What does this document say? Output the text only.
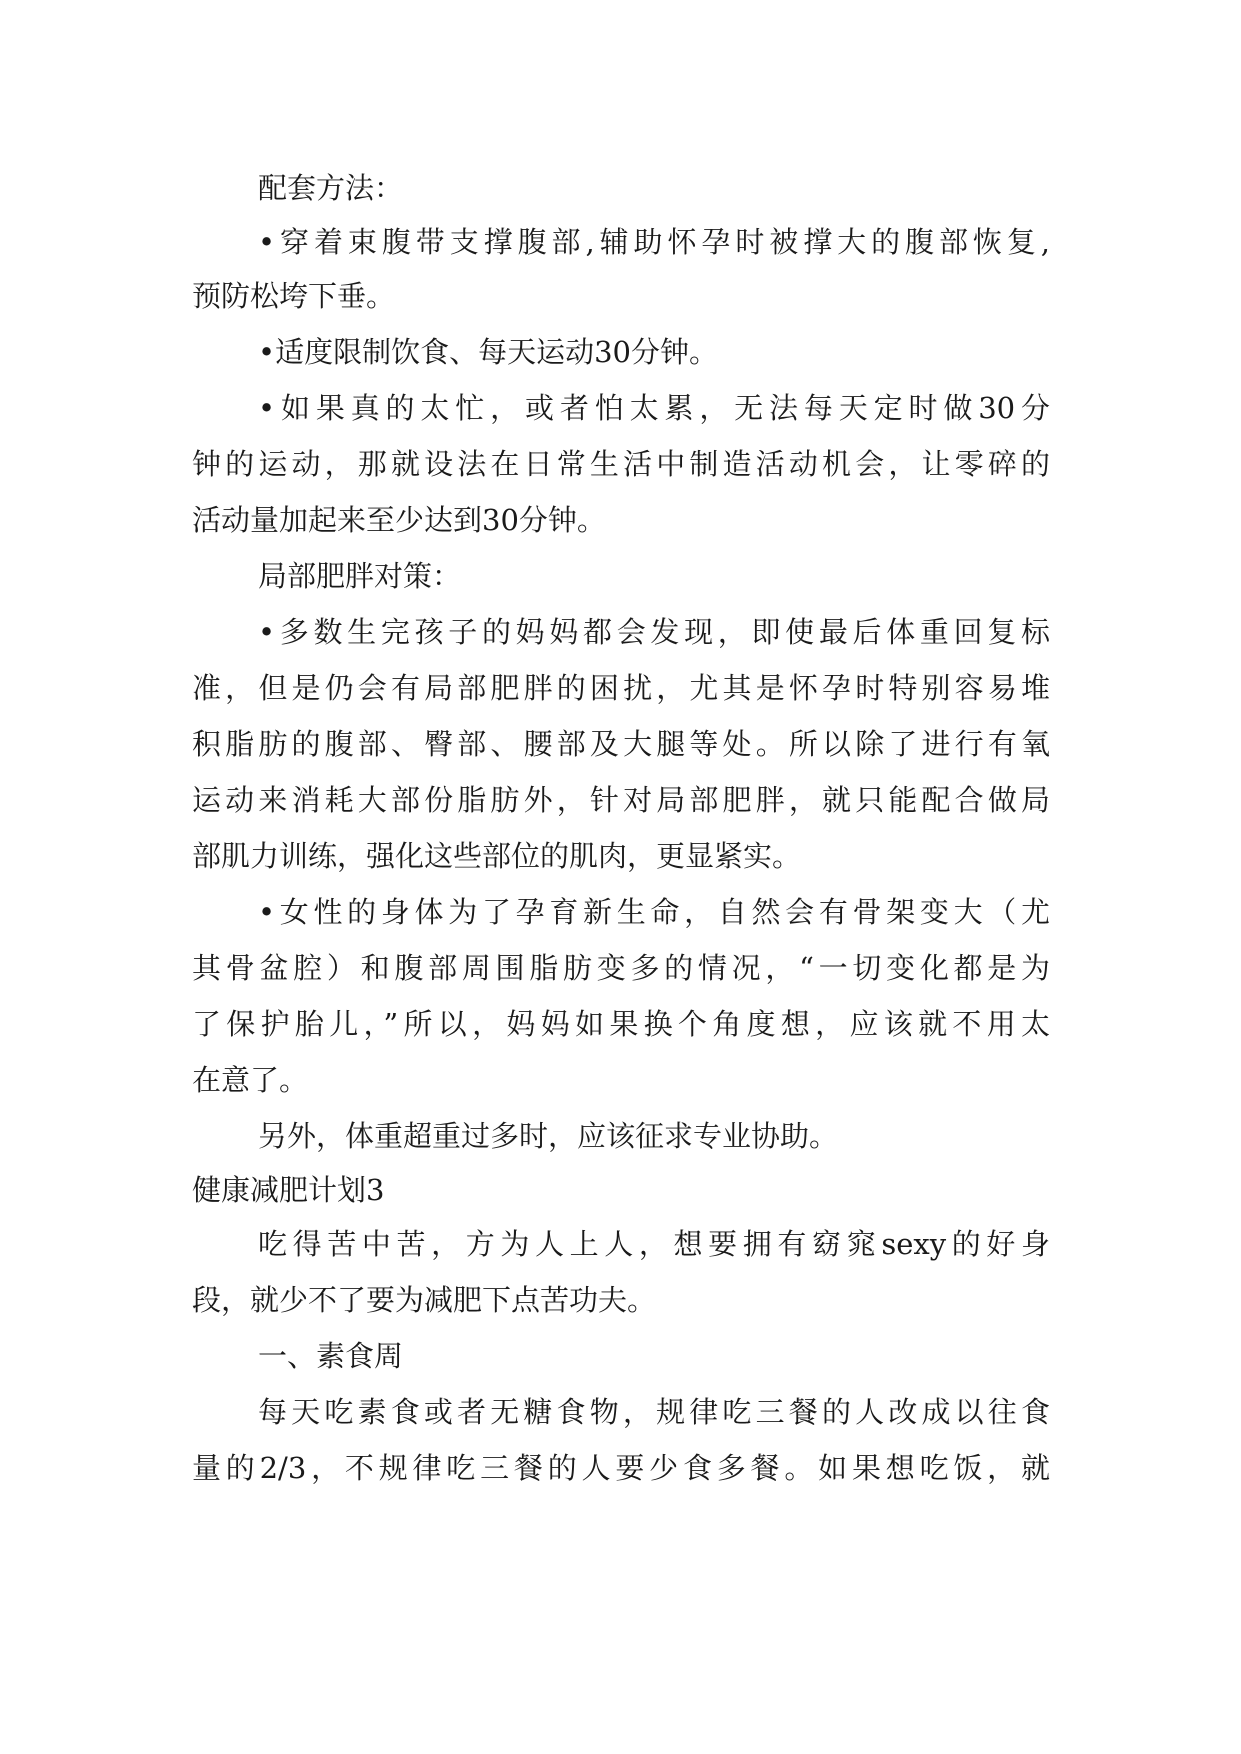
配套方法：
•穿着束腹带支撑腹部,辅助怀孕时被撑大的腹部恢复,
预防松垮下垂。
•适度限制饮食、每天运动30分钟。
•如果真的太忙，或者怕太累，无法每天定时做30分
钟的运动，那就设法在日常生活中制造活动机会，让零碎的
活动量加起来至少达到30分钟。
局部肥胖对策：
•多数生完孩子的妈妈都会发现，即使最后体重回复标
准，但是仍会有局部肥胖的困扰，尤其是怀孕时特别容易堆
积脂肪的腹部、臀部、腰部及大腿等处。所以除了进行有氧
运动来消耗大部份脂肪外，针对局部肥胖，就只能配合做局
部肌力训练，强化这些部位的肌肉，更显紧实。
•女性的身体为了孕育新生命，自然会有骨架变大（尤
其骨盆腔）和腹部周围脂肪变多的情况，“一切变化都是为
了保护胎儿，”所以，妈妈如果换个角度想，应该就不用太
在意了。
另外，体重超重过多时，应该征求专业协助。
健康减肥计划3
吃得苦中苦，方为人上人，想要拥有窈窕sexy的好身
段，就少不了要为减肥下点苦功夫。
一、素食周
每天吃素食或者无糖食物，规律吃三餐的人改成以往食
量的2/3，不规律吃三餐的人要少食多餐。如果想吃饭，就
